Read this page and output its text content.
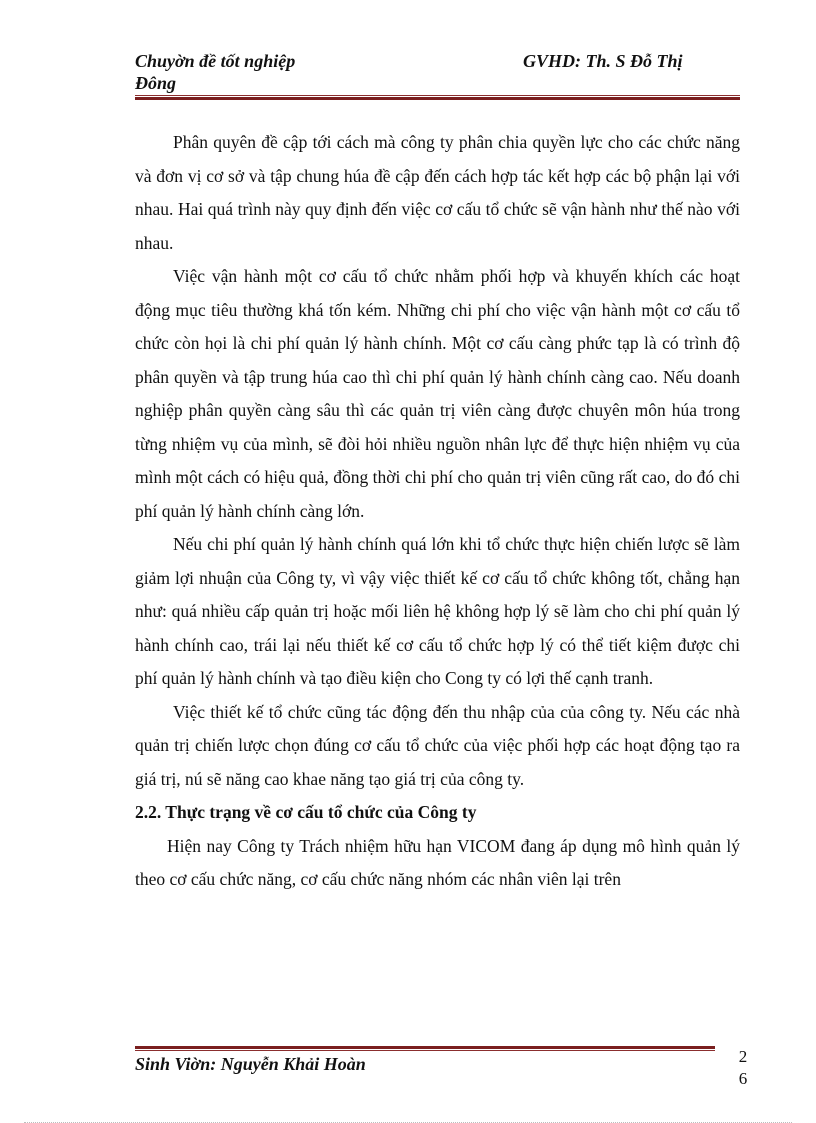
Chuyờn đề tốt nghiệp
Đông
GVHD: Th. S Đỗ Thị

Phân quyên đề cập tới cách mà công ty phân chia quyền lực cho các chức năng và đơn vị cơ sở và tập chung húa đề cập đến cách hợp tác kết hợp các bộ phận lại với nhau. Hai quá trình này quy định đến việc cơ cấu tổ chức sẽ vận hành như thế nào với nhau.

Việc vận hành một cơ cấu tổ chức nhằm phối hợp và khuyến khích các hoạt động mục tiêu thường khá tốn kém. Những chi phí cho việc vận hành một cơ cấu tổ chức còn họi là chi phí quản lý hành chính. Một cơ cấu càng phức tạp là có trình độ phân quyền và tập trung húa cao thì chi phí quản lý hành chính càng cao. Nếu doanh nghiệp phân quyền càng sâu thì các quản trị viên càng được chuyên môn húa trong từng nhiệm vụ của mình, sẽ đòi hỏi nhiều nguồn nhân lực để thực hiện nhiệm vụ của mình một cách có hiệu quả, đồng thời chi phí cho quản trị viên cũng rất cao, do đó chi phí quản lý hành chính càng lớn.

Nếu chi phí quản lý hành chính quá lớn khi tổ chức thực hiện chiến lược sẽ làm giảm lợi nhuận của Công ty, vì vậy việc thiết kế cơ cấu tổ chức không tốt, chẳng hạn như: quá nhiều cấp quản trị hoặc mối liên hệ không hợp lý sẽ làm cho chi phí quản lý hành chính cao, trái lại nếu thiết kế cơ cấu tổ chức hợp lý có thể tiết kiệm được chi phí quản lý hành chính và tạo điều kiện cho Cong ty có lợi thế cạnh tranh.

Việc thiết kế tổ chức cũng tác động đến thu nhập của của công ty. Nếu các nhà quản trị chiến lược chọn đúng cơ cấu tổ chức của việc phối hợp các hoạt động tạo ra giá trị, nú sẽ năng cao khae năng tạo giá trị của công ty.

2.2. Thực trạng về cơ cấu tổ chức của Công ty

Hiện nay Công ty Trách nhiệm hữu hạn VICOM đang áp dụng mô hình quản lý theo cơ cấu chức năng, cơ cấu chức năng nhóm các nhân viên lại trên

Sinh Viờn: Nguyễn Khải Hoàn	2
6
